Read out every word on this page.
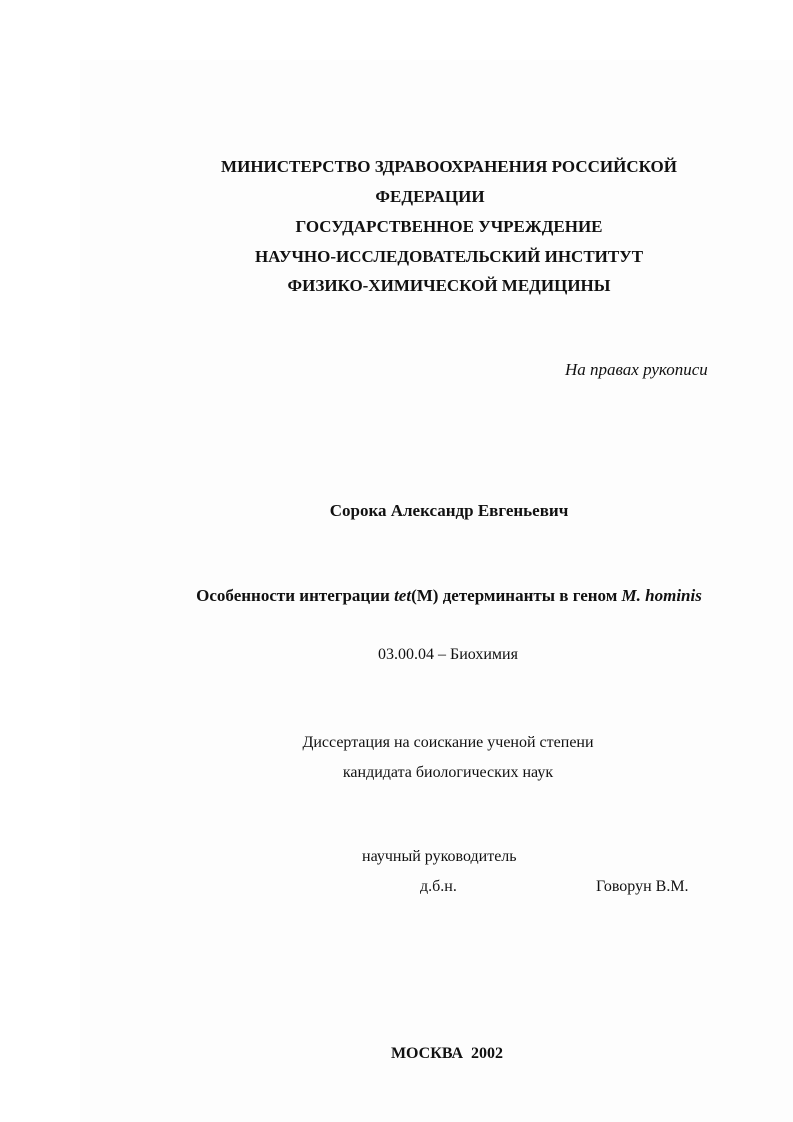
МИНИСТЕРСТВО ЗДРАВООХРАНЕНИЯ РОССИЙСКОЙ
ФЕДЕРАЦИИ
ГОСУДАРСТВЕННОЕ УЧРЕЖДЕНИЕ
НАУЧНО-ИССЛЕДОВАТЕЛЬСКИЙ ИНСТИТУТ
ФИЗИКО-ХИМИЧЕСКОЙ МЕДИЦИНЫ
На правах рукописи
Сорока Александр Евгеньевич
Особенности интеграции tet(M) детерминанты в геном M. hominis
03.00.04 – Биохимия
Диссертация на соискание ученой степени
кандидата биологических наук
научный руководитель
д.б.н.	Говорун В.М.
МОСКВА  2002
